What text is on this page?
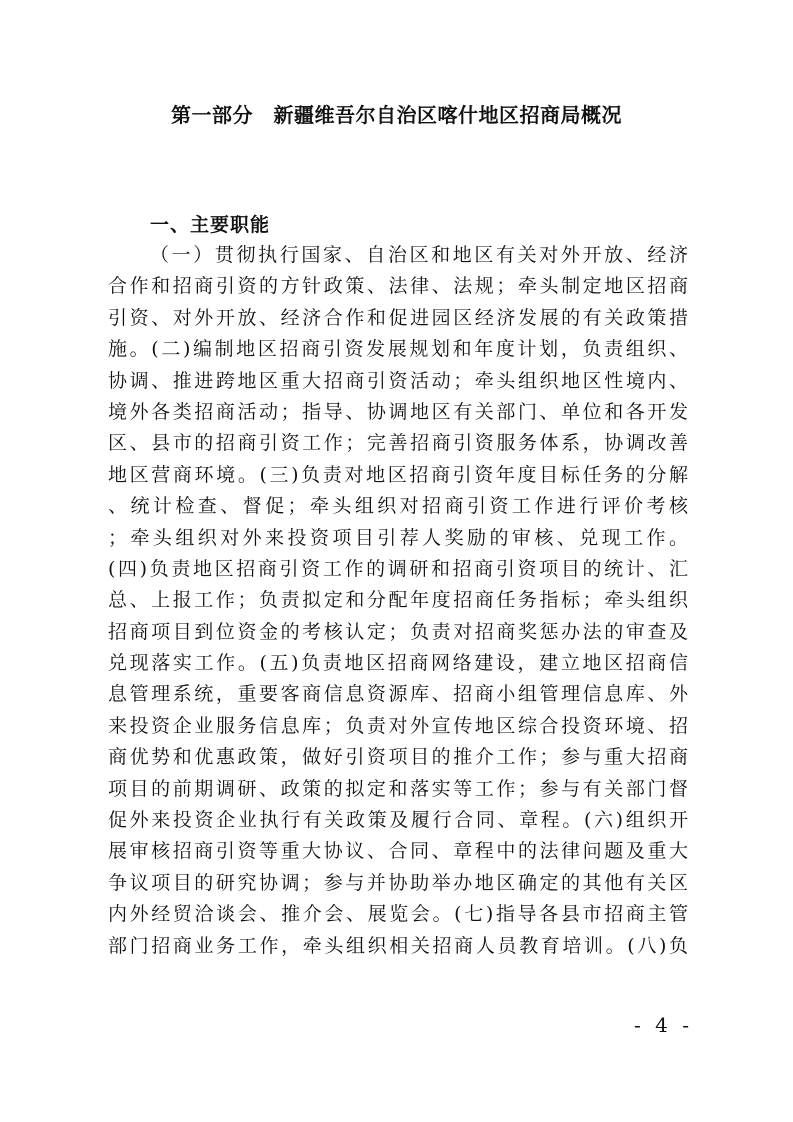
第一部分　新疆维吾尔自治区喀什地区招商局概况
一、主要职能
（一）贯彻执行国家、自治区和地区有关对外开放、经济
合作和招商引资的方针政策、法律、法规；牵头制定地区招商
引资、对外开放、经济合作和促进园区经济发展的有关政策措
施。(二)编制地区招商引资发展规划和年度计划，负责组织、
协调、推进跨地区重大招商引资活动；牵头组织地区性境内、
境外各类招商活动；指导、协调地区有关部门、单位和各开发
区、县市的招商引资工作；完善招商引资服务体系，协调改善
地区营商环境。(三)负责对地区招商引资年度目标任务的分解
、统计检查、督促；牵头组织对招商引资工作进行评价考核
；牵头组织对外来投资项目引荐人奖励的审核、兑现工作。
(四)负责地区招商引资工作的调研和招商引资项目的统计、汇
总、上报工作；负责拟定和分配年度招商任务指标；牵头组织
招商项目到位资金的考核认定；负责对招商奖惩办法的审查及
兑现落实工作。(五)负责地区招商网络建设，建立地区招商信
息管理系统，重要客商信息资源库、招商小组管理信息库、外
来投资企业服务信息库；负责对外宣传地区综合投资环境、招
商优势和优惠政策，做好引资项目的推介工作；参与重大招商
项目的前期调研、政策的拟定和落实等工作；参与有关部门督
促外来投资企业执行有关政策及履行合同、章程。(六)组织开
展审核招商引资等重大协议、合同、章程中的法律问题及重大
争议项目的研究协调；参与并协助举办地区确定的其他有关区
内外经贸洽谈会、推介会、展览会。(七)指导各县市招商主管
部门招商业务工作，牵头组织相关招商人员教育培训。(八)负
- 4 -
